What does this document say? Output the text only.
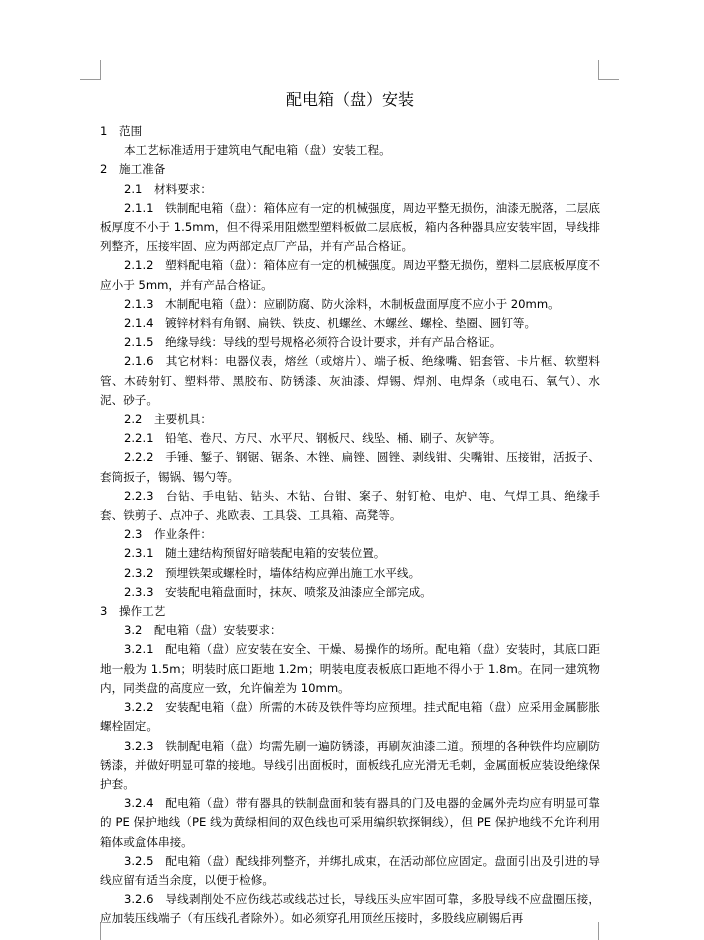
配电箱（盘）安装

1　范围

本工艺标准适用于建筑电气配电箱（盘）安装工程。

2　施工准备

2.1　材料要求：

2.1.1　铁制配电箱（盘）：箱体应有一定的机械强度，周边平整无损伤，油漆无脱落，二层底板厚度不小于 1.5mm，但不得采用阻燃型塑料板做二层底板，箱内各种器具应安装牢固，导线排列整齐，压接牢固、应为两部定点厂产品，并有产品合格证。

2.1.2　塑料配电箱（盘）：箱体应有一定的机械强度。周边平整无损伤，塑料二层底板厚度不应小于 5mm，并有产品合格证。

2.1.3　木制配电箱（盘）：应刷防腐、防火涂料，木制板盘面厚度不应小于 20mm。

2.1.4　镀锌材料有角钢、扁铁、铁皮、机螺丝、木螺丝、螺栓、垫圈、圆钉等。

2.1.5　绝缘导线：导线的型号规格必须符合设计要求，并有产品合格证。

2.1.6　其它材料：电器仪表，熔丝（或熔片）、端子板、绝缘嘴、铝套管、卡片框、软塑料管、木砖射钉、塑料带、黑胶布、防锈漆、灰油漆、焊锡、焊剂、电焊条（或电石、氧气）、水泥、砂子。

2.2　主要机具：

2.2.1　铅笔、卷尺、方尺、水平尺、钢板尺、线坠、桶、刷子、灰铲等。

2.2.2　手锤、錾子、钢锯、锯条、木锉、扁锉、圆锉、剥线钳、尖嘴钳、压接钳，活扳子、套筒扳子，锡锅、锡勺等。

2.2.3　台钻、手电钻、钻头、木钻、台钳、案子、射钉枪、电炉、电、气焊工具、绝缘手套、铁剪子、点冲子、兆欧表、工具袋、工具箱、高凳等。

2.3　作业条件：

2.3.1　随土建结构预留好暗装配电箱的安装位置。

2.3.2　预埋铁架或螺栓时，墙体结构应弹出施工水平线。

2.3.3　安装配电箱盘面时，抹灰、喷浆及油漆应全部完成。

3　操作工艺

3.2　配电箱（盘）安装要求：

3.2.1　配电箱（盘）应安装在安全、干燥、易操作的场所。配电箱（盘）安装时，其底口距地一般为 1.5m；明装时底口距地 1.2m；明装电度表板底口距地不得小于 1.8m。在同一建筑物内，同类盘的高度应一致，允许偏差为 10mm。

3.2.2　安装配电箱（盘）所需的木砖及铁件等均应预埋。挂式配电箱（盘）应采用金属膨胀螺栓固定。

3.2.3　铁制配电箱（盘）均需先刷一遍防锈漆，再刷灰油漆二道。预埋的各种铁件均应刷防锈漆，并做好明显可靠的接地。导线引出面板时，面板线孔应光滑无毛刺，金属面板应装设绝缘保护套。

3.2.4　配电箱（盘）带有器具的铁制盘面和装有器具的门及电器的金属外壳均应有明显可靠的 PE 保护地线（PE 线为黄绿相间的双色线也可采用编织软探铜线），但 PE 保护地线不允许利用箱体或盒体串接。

3.2.5　配电箱（盘）配线排列整齐，并绑扎成束，在活动部位应固定。盘面引出及引进的导线应留有适当余度，以便于检修。

3.2.6　导线剥削处不应伤线芯或线芯过长，导线压头应牢固可靠，多股导线不应盘圈压接，应加装压线端子（有压线孔者除外）。如必须穿孔用顶丝压接时，多股线应刷锡后再
